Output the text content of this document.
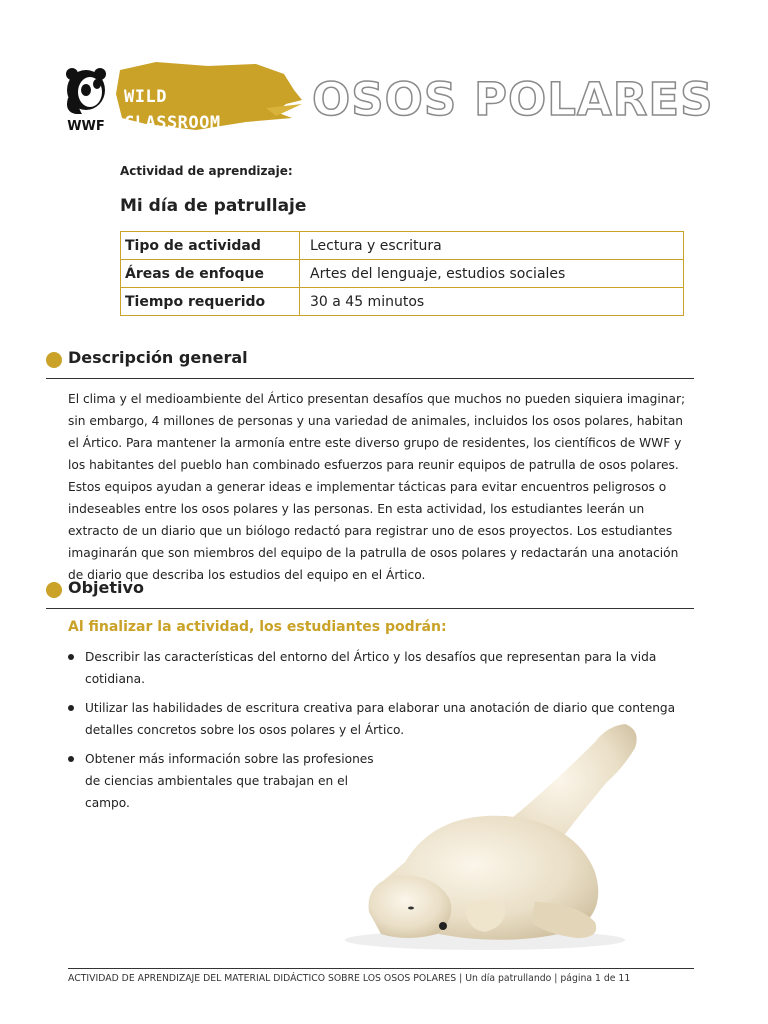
WWF
WILD CLASSROOM	OSOS POLARES
Actividad de aprendizaje:
Mi día de patrullaje
Tipo de actividad	Lectura y escritura
Áreas de enfoque	Artes del lenguaje, estudios sociales
Tiempo requerido	30 a 45 minutos
Descripción general
El clima y el medioambiente del Ártico presentan desafíos que muchos no pueden siquiera imaginar; sin embargo, 4 millones de personas y una variedad de animales, incluidos los osos polares, habitan el Ártico. Para mantener la armonía entre este diverso grupo de residentes, los científicos de WWF y los habitantes del pueblo han combinado esfuerzos para reunir equipos de patrulla de osos polares. Estos equipos ayudan a generar ideas e implementar tácticas para evitar encuentros peligrosos o indeseables entre los osos polares y las personas. En esta actividad, los estudiantes leerán un extracto de un diario que un biólogo redactó para registrar uno de esos proyectos. Los estudiantes imaginarán que son miembros del equipo de la patrulla de osos polares y redactarán una anotación de diario que describa los estudios del equipo en el Ártico.
Objetivo
Al finalizar la actividad, los estudiantes podrán:
Describir las características del entorno del Ártico y los desafíos que representan para la vida cotidiana.
Utilizar las habilidades de escritura creativa para elaborar una anotación de diario que contenga detalles concretos sobre los osos polares y el Ártico.
Obtener más información sobre las profesiones de ciencias ambientales que trabajan en el campo.
ACTIVIDAD DE APRENDIZAJE DEL MATERIAL DIDÁCTICO SOBRE LOS OSOS POLARES | Un día patrullando | página 1 de 11
